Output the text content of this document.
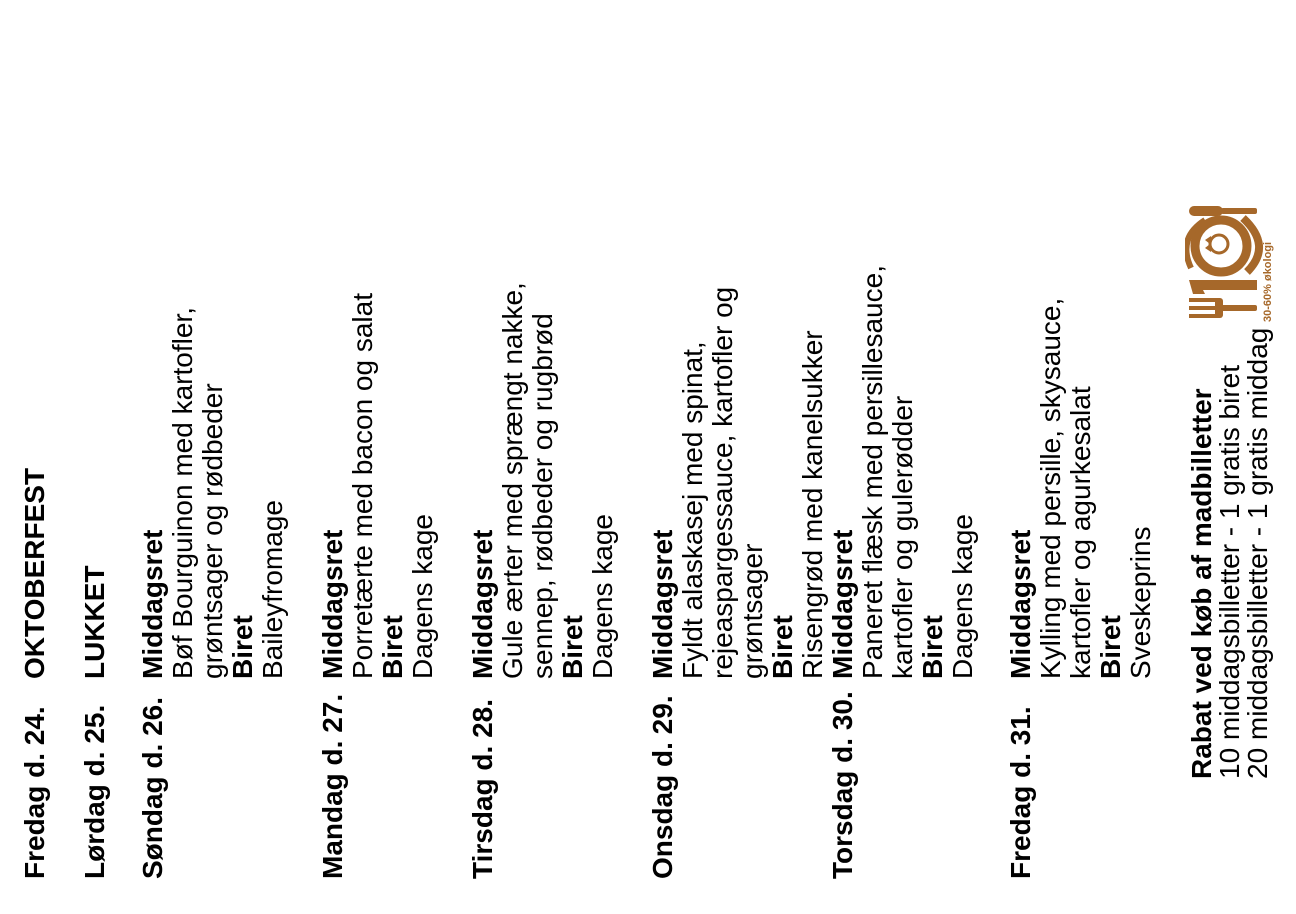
Fredag d. 24.
OKTOBERFEST
Lørdag d. 25.
LUKKET
Søndag d. 26.
Middagsret Bøf Bourguinon med kartofler, grøntsager og rødbeder Biret Baileyfromage
Mandag d. 27.
Middagsret Porretærte med bacon og salat Biret Dagens kage
Tirsdag d. 28.
Middagsret Gule ærter med sprængt nakke, sennep, rødbeder og rugbrød Biret Dagens kage
Onsdag d. 29.
Middagsret Fyldt alaskasej med spinat, rejeaspargessauce, kartofler og grøntsager Biret Risengrød med kanelsukker
Torsdag d. 30.
Middagsret Paneret flæsk med persillesauce, kartofler og gulerødder Biret Dagens kage
Fredag d. 31.
Middagsret Kylling med persille, skysauce, kartofler og agurkesalat Biret Sveskeprins Rabat ved køb af madbilletter
10 middagsbilletter - 1 gratis biret
20 middagsbilletter - 1 gratis middag
30-60% økologi
